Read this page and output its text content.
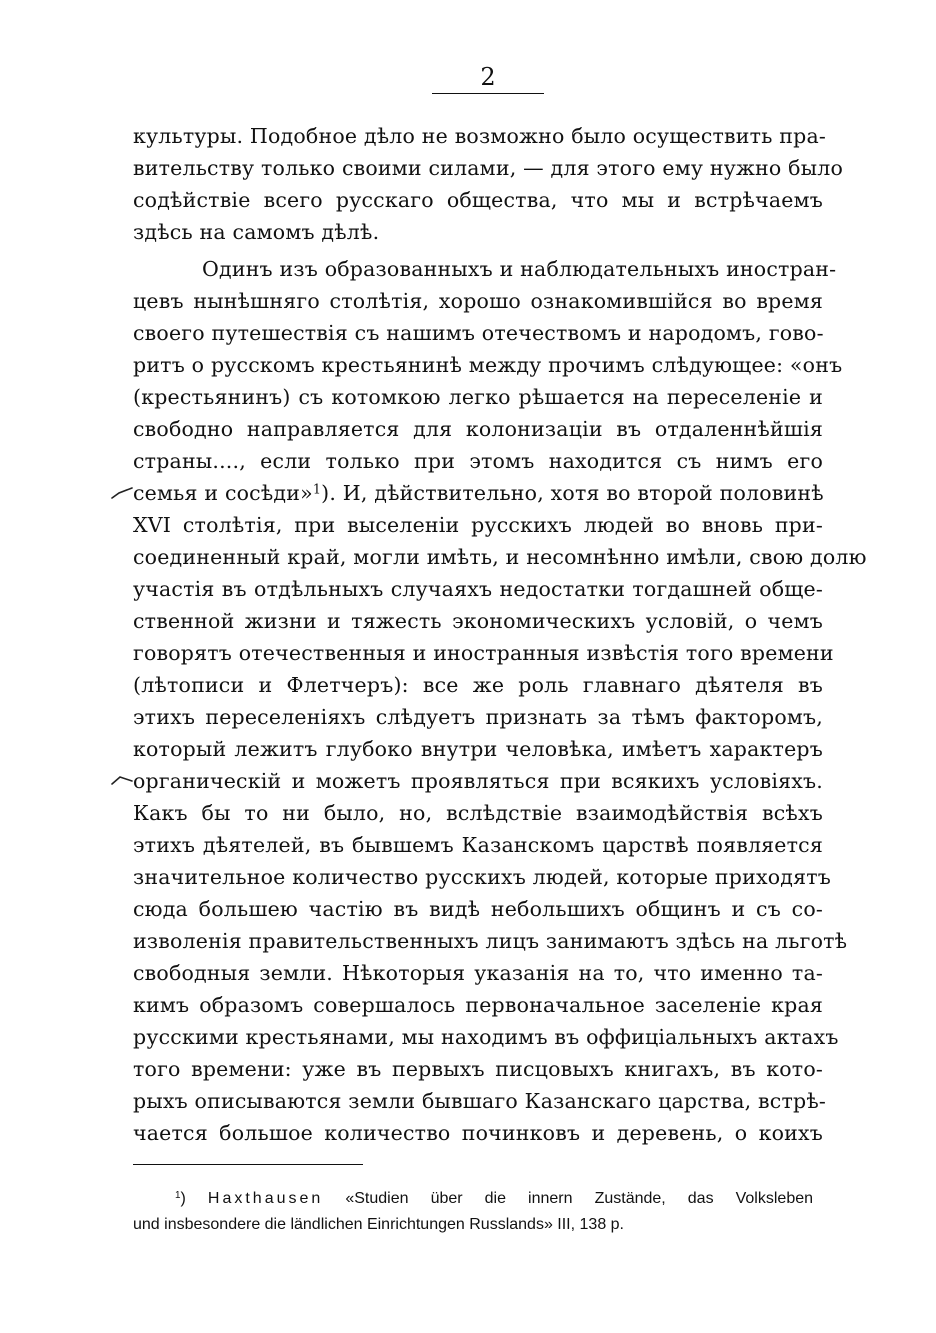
2
культуры. Подобное дѣло не возможно было осуществить пра-
вительству только своими силами, — для этого ему нужно было
содѣйствіе всего русскаго общества, что мы и встрѣчаемъ
здѣсь на самомъ дѣлѣ.
Одинъ изъ образованныхъ и наблюдательныхъ иностран-
цевъ нынѣшняго столѣтія, хорошо ознакомившійся во время
своего путешествія съ нашимъ отечествомъ и народомъ, гово-
ритъ о русскомъ крестьянинѣ между прочимъ слѣдующее: «онъ
(крестьянинъ) съ котомкою легко рѣшается на переселеніе и
свободно направляется для колонизаціи въ отдаленнѣйшія
страны...., если только при этомъ находится съ нимъ его
семья и сосѣди»$^1$). И, дѣйствительно, хотя во второй половинѣ
XVI столѣтія, при выселеніи русскихъ людей во вновь при-
соединенный край, могли имѣть, и несомнѣнно имѣли, свою долю
участія въ отдѣльныхъ случаяхъ недостатки тогдашней обще-
ственной жизни и тяжесть экономическихъ условій, о чемъ
говорятъ отечественныя и иностранныя извѣстія того времени
(лѣтописи и Флетчеръ): все же роль главнаго дѣятеля въ
этихъ переселеніяхъ слѣдуетъ признать за тѣмъ факторомъ,
который лежитъ глубоко внутри человѣка, имѣетъ характеръ
органическій и можетъ проявляться при всякихъ условіяхъ.
Какъ бы то ни было, но, вслѣдствіе взаимодѣйствія всѣхъ
этихъ дѣятелей, въ бывшемъ Казанскомъ царствѣ появляется
значительное количество русскихъ людей, которые приходятъ
сюда большею частію въ видѣ небольшихъ общинъ и съ со-
изволенія правительственныхъ лицъ занимаютъ здѣсь на льготѣ
свободныя земли. Нѣкоторыя указанія на то, что именно та-
кимъ образомъ совершалось первоначальное заселеніе края
русскими крестьянами, мы находимъ въ оффиціальныхъ актахъ
того времени: уже въ первыхъ писцовыхъ книгахъ, въ кото-
рыхъ описываются земли бывшаго Казанскаго царства, встрѣ-
чается большое количество починковъ и деревень, о коихъ
$^1$) Haxthausen «Studien über die innern Zustände, das Volksleben
und insbesondere die ländlichen Einrichtungen Russlands» III, 138 p.
